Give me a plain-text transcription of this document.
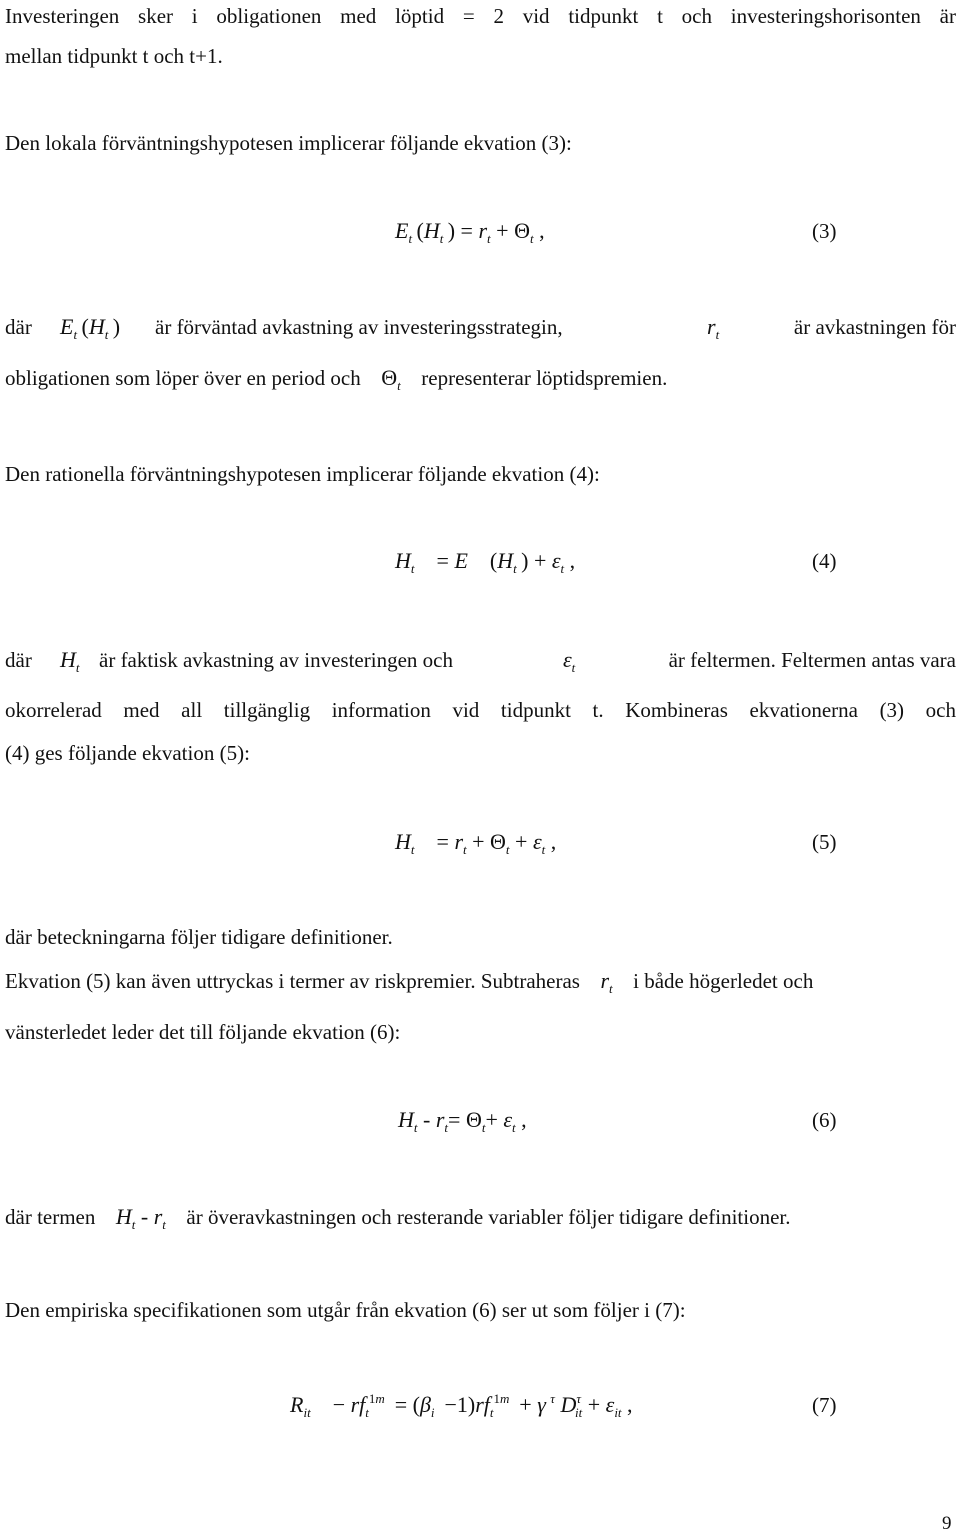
Investeringen sker i obligationen med löptid = 2 vid tidpunkt t och investeringshorisonten är
mellan tidpunkt t och t+1.
Den lokala förväntningshypotesen implicerar följande ekvation (3):
$E_t$ ($H_t$ ) = $r_t + \Theta_t$ ,	(3)
där $E_t$ ($H_t$ ) är förväntad avkastning av investeringsstrategin,	$r_t$	är avkastningen för
obligationen som löper över en period och $\Theta_t$ representerar löptidspremien.
Den rationella förväntningshypotesen implicerar följande ekvation (4):
$H_t$ = E ($H_t$ ) + $\varepsilon_t$ ,	(4)
där $H_t$ är faktisk avkastning av investeringen och	$\varepsilon_t$	är feltermen. Feltermen antas vara
okorrelerad med all tillgänglig information vid tidpunkt t. Kombineras ekvationerna (3) och
(4) ges följande ekvation (5):
$H_t$ = $r_t + \Theta_t + \varepsilon_t$ ,	(5)
där beteckningarna följer tidigare definitioner.
Ekvation (5) kan även uttryckas i termer av riskpremier. Subtraheras $r_t$ i både högerledet och
vänsterledet leder det till följande ekvation (6):
$H_t - r_t= \Theta_t+ \varepsilon_t$ ,	(6)
där termen $H_t - r_t$ är överavkastningen och resterande variabler följer tidigare definitioner.
Den empiriska specifikationen som utgår från ekvation (6) ser ut som följer i (7):
$R_{it}$ − $rf_t^{1m} = (\beta_i -1)rf_t^{1m} + \gamma$  $^\tau$ $D^\tau_{it} + \varepsilon_{it}$ ,	(7)
9
